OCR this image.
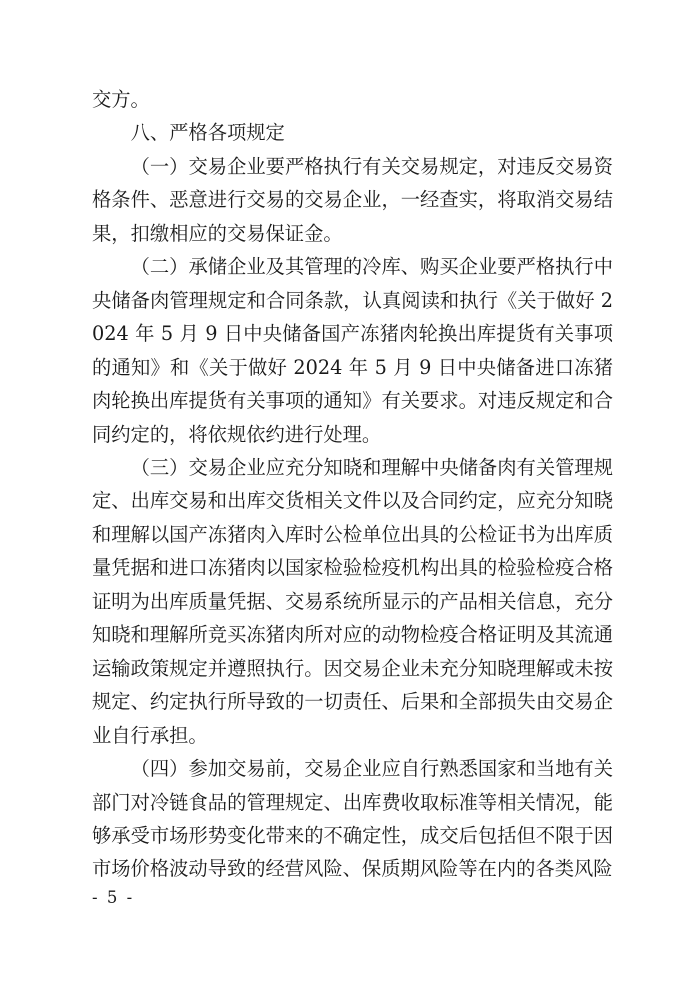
交方。

八、严格各项规定

（一）交易企业要严格执行有关交易规定，对违反交易资格条件、恶意进行交易的交易企业，一经查实，将取消交易结果，扣缴相应的交易保证金。

（二）承储企业及其管理的冷库、购买企业要严格执行中央储备肉管理规定和合同条款，认真阅读和执行《关于做好 2024 年 5 月 9 日中央储备国产冻猪肉轮换出库提货有关事项的通知》和《关于做好 2024 年 5 月 9 日中央储备进口冻猪肉轮换出库提货有关事项的通知》有关要求。对违反规定和合同约定的，将依规依约进行处理。

（三）交易企业应充分知晓和理解中央储备肉有关管理规定、出库交易和出库交货相关文件以及合同约定，应充分知晓和理解以国产冻猪肉入库时公检单位出具的公检证书为出库质量凭据和进口冻猪肉以国家检验检疫机构出具的检验检疫合格证明为出库质量凭据、交易系统所显示的产品相关信息，充分知晓和理解所竞买冻猪肉所对应的动物检疫合格证明及其流通运输政策规定并遵照执行。因交易企业未充分知晓理解或未按规定、约定执行所导致的一切责任、后果和全部损失由交易企业自行承担。

（四）参加交易前，交易企业应自行熟悉国家和当地有关部门对冷链食品的管理规定、出库费收取标准等相关情况，能够承受市场形势变化带来的不确定性，成交后包括但不限于因市场价格波动导致的经营风险、保质期风险等在内的各类风险

- 5 -
